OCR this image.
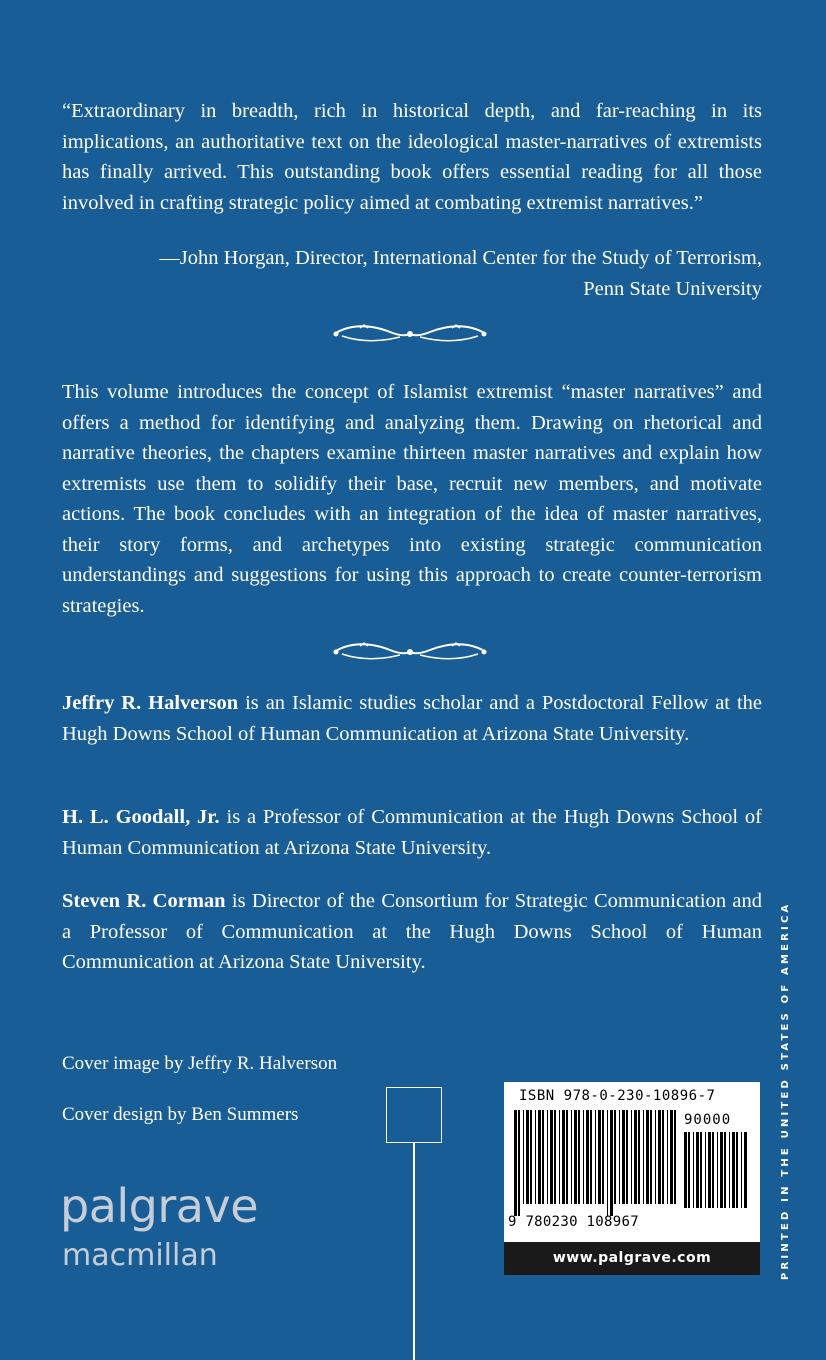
“Extraordinary in breadth, rich in historical depth, and far-reaching in its implications, an authoritative text on the ideological master-narratives of extremists has finally arrived. This outstanding book offers essential reading for all those involved in crafting strategic policy aimed at combating extremist narratives.”
—John Horgan, Director, International Center for the Study of Terrorism,
Penn State University
This volume introduces the concept of Islamist extremist “master narratives” and offers a method for identifying and analyzing them. Drawing on rhetorical and narrative theories, the chapters examine thirteen master narratives and explain how extremists use them to solidify their base, recruit new members, and motivate actions. The book concludes with an integration of the idea of master narratives, their story forms, and archetypes into existing strategic communication understandings and suggestions for using this approach to create counter-terrorism strategies.
Jeffry R. Halverson is an Islamic studies scholar and a Postdoctoral Fellow at the Hugh Downs School of Human Communication at Arizona State University.
H. L. Goodall, Jr. is a Professor of Communication at the Hugh Downs School of Human Communication at Arizona State University.
Steven R. Corman is Director of the Consortium for Strategic Communication and a Professor of Communication at the Hugh Downs School of Human Communication at Arizona State University.
Cover image by Jeffry R. Halverson
Cover design by Ben Summers
palgrave
macmillan
ISBN 978-0-230-10896-7
90000
9 780230 108967
www.palgrave.com	PRINTED IN THE UNITED STATES OF AMERICA
